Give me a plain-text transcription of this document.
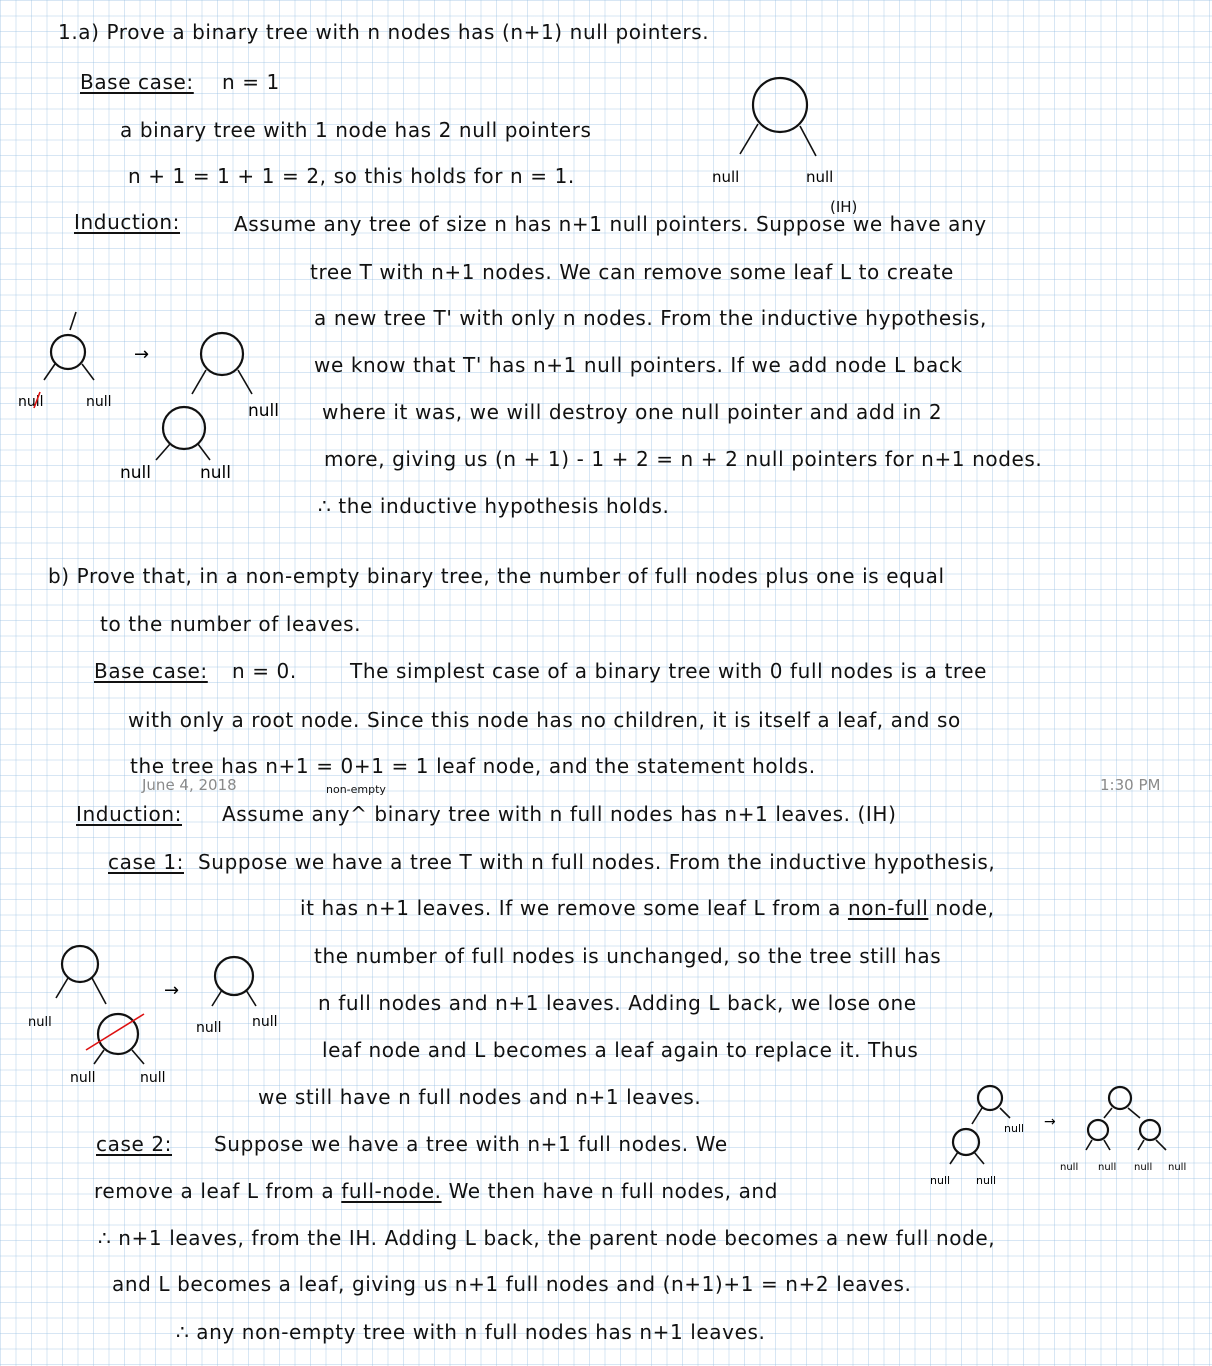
1.a) Prove a binary tree with n nodes has (n+1) null pointers.
Base case: n = 1
a binary tree with 1 node has 2 null pointers
n + 1 = 1 + 1 = 2, so this holds for n = 1.
Induction:
(IH)
Assume any tree of size n has n+1 null pointers. Suppose we have any
tree T with n+1 nodes. We can remove some leaf L to create
a new tree T' with only n nodes. From the inductive hypothesis,
we know that T' has n+1 null pointers. If we add node L back
where it was, we will destroy one null pointer and add in 2
more, giving us (n + 1) - 1 + 2 = n + 2 null pointers for n+1 nodes.
∴ the inductive hypothesis holds.
b) Prove that, in a non-empty binary tree, the number of full nodes plus one is equal
to the number of leaves.
Base case: n = 0.	The simplest case of a binary tree with 0 full nodes is a tree
with only a root node. Since this node has no children, it is itself a leaf, and so
the tree has n+1 = 0+1 = 1 leaf node, and the statement holds.
June 4, 2018	1:30 PM
Induction:
non-empty
Assume any^ binary tree with n full nodes has n+1 leaves. (IH)
case 1: Suppose we have a tree T with n full nodes. From the inductive hypothesis,
it has n+1 leaves. If we remove some leaf L from a non-full node,
the number of full nodes is unchanged, so the tree still has
n full nodes and n+1 leaves. Adding L back, we lose one
leaf node and L becomes a leaf again to replace it. Thus
we still have n full nodes and n+1 leaves.
case 2: Suppose we have a tree with n+1 full nodes. We
remove a leaf L from a full-node. We then have n full nodes, and
∴ n+1 leaves, from the IH. Adding L back, the parent node becomes a new full node,
and L becomes a leaf, giving us n+1 full nodes and (n+1)+1 = n+2 leaves.
∴ any non-empty tree with n full nodes has n+1 leaves.
null	null
null	null
→
null
null	null
null
null	null
→
null null
null
null null
→
null null null null
